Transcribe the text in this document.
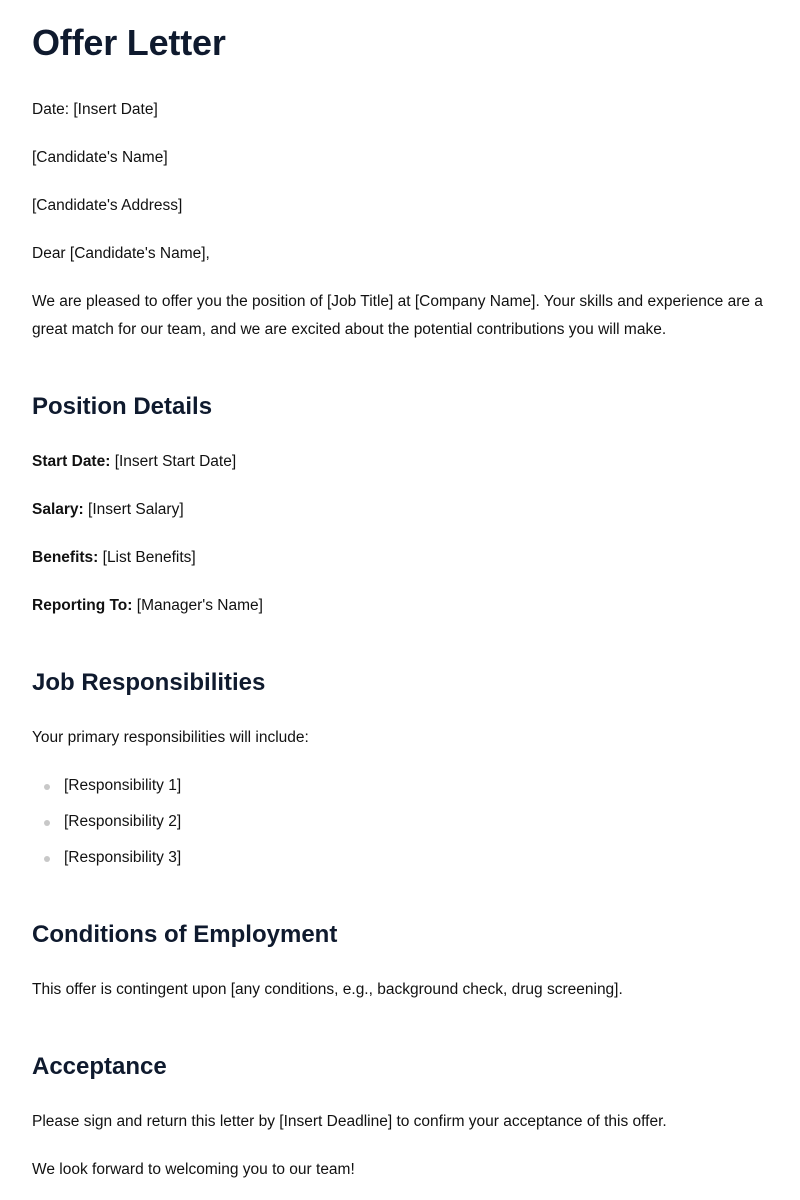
Offer Letter

Date: [Insert Date]

[Candidate's Name]

[Candidate's Address]

Dear [Candidate's Name],

We are pleased to offer you the position of [Job Title] at [Company Name]. Your skills and experience are a great match for our team, and we are excited about the potential contributions you will make.

Position Details

Start Date: [Insert Start Date]

Salary: [Insert Salary]

Benefits: [List Benefits]

Reporting To: [Manager's Name]

Job Responsibilities

Your primary responsibilities will include:

[Responsibility 1]
[Responsibility 2]
[Responsibility 3]
Conditions of Employment

This offer is contingent upon [any conditions, e.g., background check, drug screening].

Acceptance

Please sign and return this letter by [Insert Deadline] to confirm your acceptance of this offer.

We look forward to welcoming you to our team!
